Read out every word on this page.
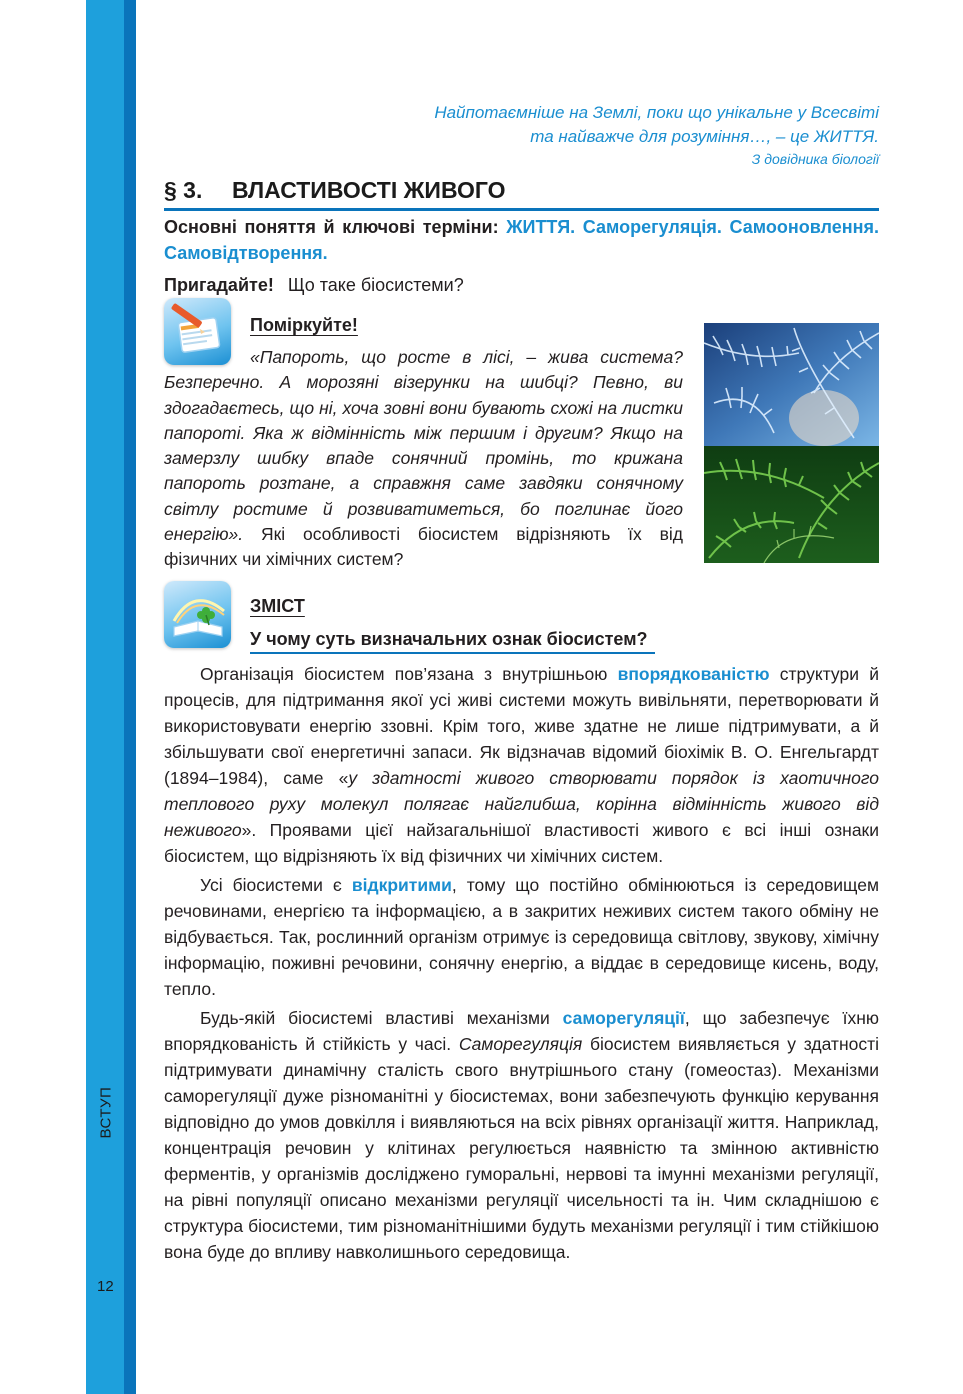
12
Найпотаємніше на Землі, поки що унікальне у Всесвіті
та найважче для розуміння…, – це ЖИТТЯ.
З довідника біології
§ 3. ВЛАСТИВОСТІ ЖИВОГО
Основні поняття й ключові терміни: ЖИТТЯ. Саморегуляція. Самооновлення. Самовідтворення.
Пригадайте! Що таке біосистеми?
Поміркуйте!
«Папороть, що росте в лісі, – жива система? Безперечно. А морозяні візерунки на шибці? Певно, ви здогадаєтесь, що ні, хоча зовні вони бувають схожі на листки папороті. Яка ж відмінність між першим і другим? Якщо на замерзлу шибку впаде сонячний промінь, то крижана папороть розтане, а справжня саме завдяки сонячному світлу ростиме й розвиватиметься, бо поглинає його енергію». Які особливості біосистем відрізняють їх від фізичних чи хімічних систем?
ЗМІСТ
У чому суть визначальних ознак біосистем?

Організація біосистем пов’язана з внутрішньою впорядкованістю структури й процесів, для підтримання якої усі живі системи можуть вивільняти, перетворювати й використовувати енергію ззовні. Крім того, живе здатне не лише підтримувати, а й збільшувати свої енергетичні запаси. Як відзначав відомий біохімік В. О. Енгельгардт (1894–1984), саме «у здатності живого створювати порядок із хаотичного теплового руху молекул полягає найглибша, корінна відмінність живого від неживого». Проявами цієї найзагальнішої властивості живого є всі інші ознаки біосистем, що відрізняють їх від фізичних чи хімічних систем.

Усі біосистеми є відкритими, тому що постійно обмінюються із середовищем речовинами, енергією та інформацією, а в закритих неживих систем такого обміну не відбувається. Так, рослинний організм отримує із середовища світлову, звукову, хімічну інформацію, поживні речовини, сонячну енергію, а віддає в середовище кисень, воду, тепло.

Будь-якій біосистемі властиві механізми саморегуляції, що забезпечує їхню впорядкованість й стійкість у часі. Саморегуляція біосистем виявляється у здатності підтримувати динамічну сталість свого внутрішнього стану (гомеостаз). Механізми саморегуляції дуже різноманітні у біосистемах, вони забезпечують функцію керування відповідно до умов довкілля і виявляються на всіх рівнях організації життя. Наприклад, концентрація речовин у клітинах регулюється наявністю та змінною активністю ферментів, у організмів досліджено гуморальні, нервові та імунні механізми регуляції, на рівні популяції описано механізми регуляції чисельності та ін. Чим складнішою є структура біосистеми, тим різноманітнішими будуть механізми регуляції і тим стійкішою вона буде до впливу навколишнього середовища.
